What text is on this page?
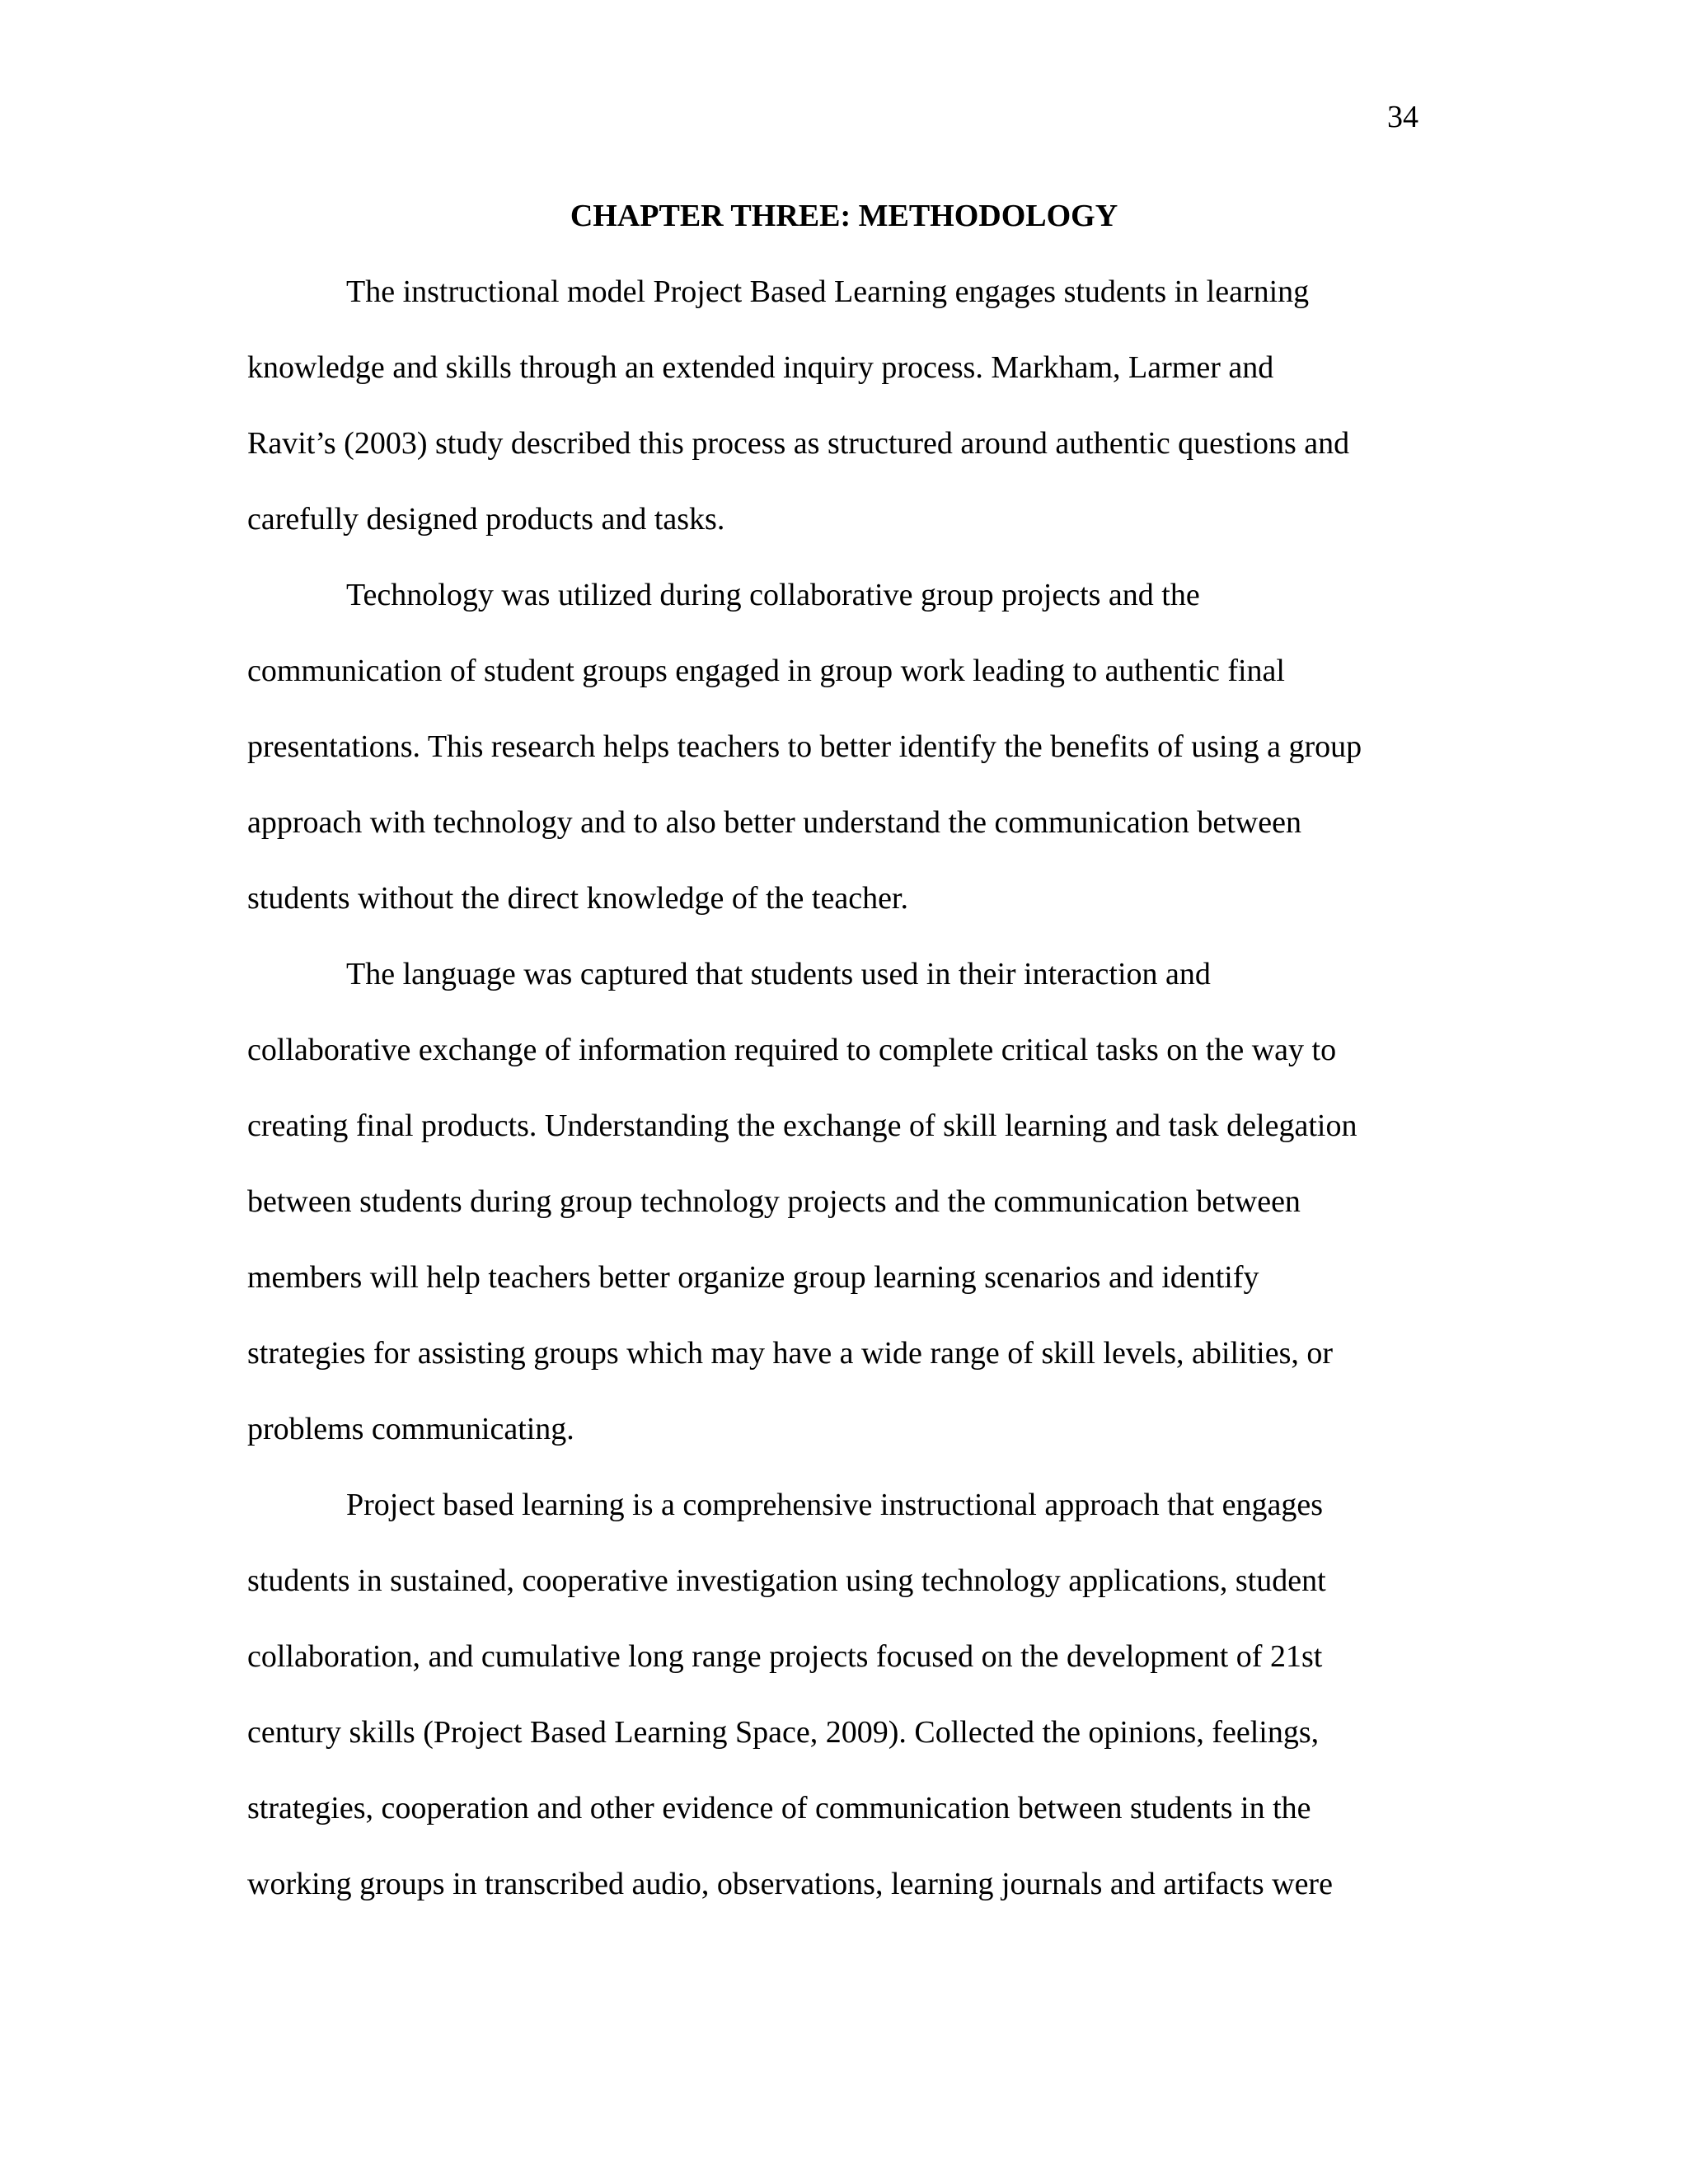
34
CHAPTER THREE: METHODOLOGY
The instructional model Project Based Learning engages students in learning
knowledge and skills through an extended inquiry process. Markham, Larmer and
Ravit’s (2003) study described this process as structured around authentic questions and
carefully designed products and tasks.
Technology was utilized during collaborative group projects and the
communication of student groups engaged in group work leading to authentic final
presentations. This research helps teachers to better identify the benefits of using a group
approach with technology and to also better understand the communication between
students without the direct knowledge of the teacher.
The language was captured that students used in their interaction and
collaborative exchange of information required to complete critical tasks on the way to
creating final products. Understanding the exchange of skill learning and task delegation
between students during group technology projects and the communication between
members will help teachers better organize group learning scenarios and identify
strategies for assisting groups which may have a wide range of skill levels, abilities, or
problems communicating.
Project based learning is a comprehensive instructional approach that engages
students in sustained, cooperative investigation using technology applications, student
collaboration, and cumulative long range projects focused on the development of 21st
century skills (Project Based Learning Space, 2009). Collected the opinions, feelings,
strategies, cooperation and other evidence of communication between students in the
working groups in transcribed audio, observations, learning journals and artifacts were
